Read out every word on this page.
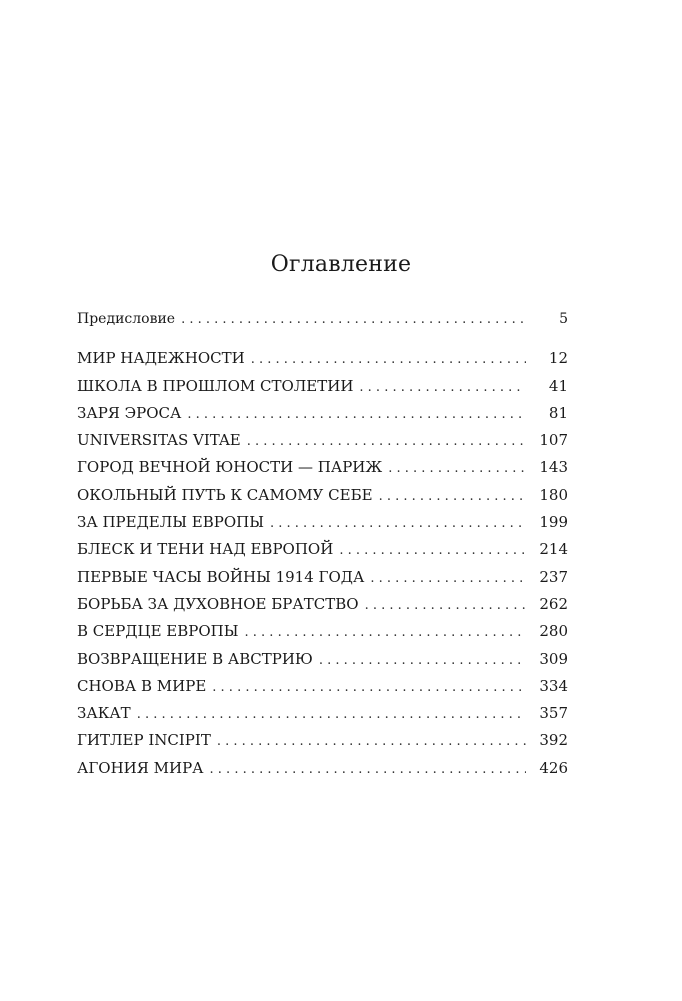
Оглавление
Предисловие . . .	5
МИР НАДЕЖНОСТИ . . .	12
ШКОЛА В ПРОШЛОМ СТОЛЕТИИ . . .	41
ЗАРЯ ЭРОСА . . .	81
UNIVERSITAS VITAE . . .	107
ГОРОД ВЕЧНОЙ ЮНОСТИ — ПАРИЖ . . .	143
ОКОЛЬНЫЙ ПУТЬ К САМОМУ СЕБЕ . . .	180
ЗА ПРЕДЕЛЫ ЕВРОПЫ . . .	199
БЛЕСК И ТЕНИ НАД ЕВРОПОЙ . . .	214
ПЕРВЫЕ ЧАСЫ ВОЙНЫ 1914 ГОДА . . .	237
БОРЬБА ЗА ДУХОВНОЕ БРАТСТВО . . .	262
В СЕРДЦЕ ЕВРОПЫ . . .	280
ВОЗВРАЩЕНИЕ В АВСТРИЮ . . .	309
СНОВА В МИРЕ . . .	334
ЗАКАТ . . .	357
ГИТЛЕР INCIPIT . . .	392
АГОНИЯ МИРА . . .	426
